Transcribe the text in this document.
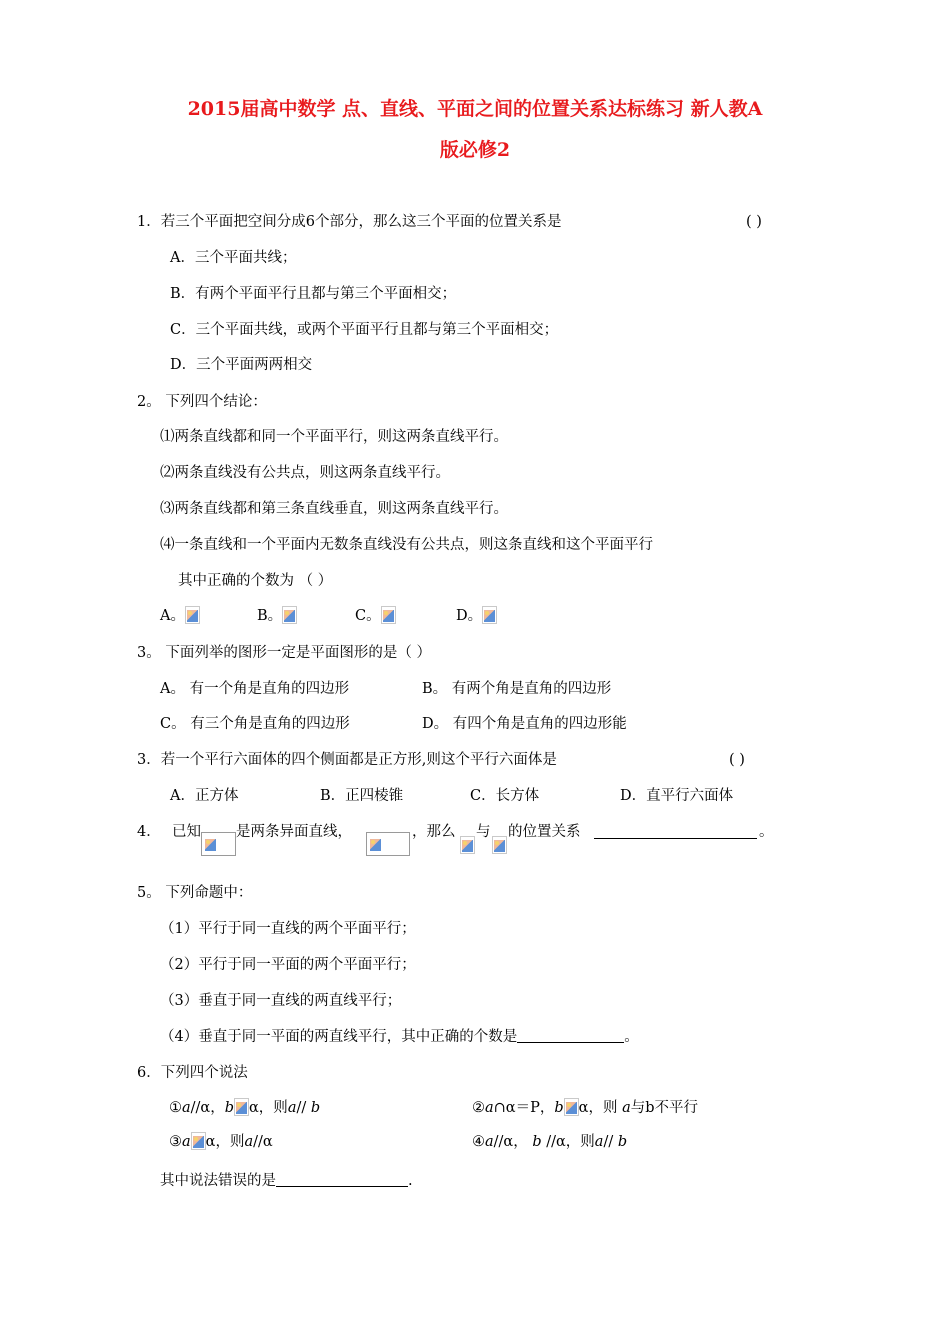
2015届高中数学 点、直线、平面之间的位置关系达标练习 新人教A
版必修2
1．若三个平面把空间分成6个部分，那么这三个平面的位置关系是	( )
A．三个平面共线；
B．有两个平面平行且都与第三个平面相交；
C．三个平面共线，或两个平面平行且都与第三个平面相交；
D．三个平面两两相交
2。 下列四个结论：
⑴两条直线都和同一个平面平行，则这两条直线平行。
⑵两条直线没有公共点，则这两条直线平行。
⑶两条直线都和第三条直线垂直，则这两条直线平行。
⑷一条直线和一个平面内无数条直线没有公共点，则这条直线和这个平面平行
其中正确的个数为 （ ）
A。	B。	C。	D。
3。 下面列举的图形一定是平面图形的是（ ）
A。 有一个角是直角的四边形	B。 有两个角是直角的四边形
C。 有三个角是直角的四边形	D。 有四个角是直角的四边形能
3．若一个平行六面体的四个侧面都是正方形,则这个平行六面体是	( )
A．正方体	B．正四棱锥	C．长方体	D．直平行六面体
4． 已知 是两条异面直线，	，那么 与 的位置关系	。
5。 下列命题中：
（1）平行于同一直线的两个平面平行；
（2）平行于同一平面的两个平面平行；
（3）垂直于同一直线的两直线平行；
（4）垂直于同一平面的两直线平行，其中正确的个数是	。
6．下列四个说法
①a//α，b α，则a// b	②a∩α＝P，b α，则 a与b不平行
③a α，则a//α	④a//α， b //α，则a// b
其中说法错误的是	.
